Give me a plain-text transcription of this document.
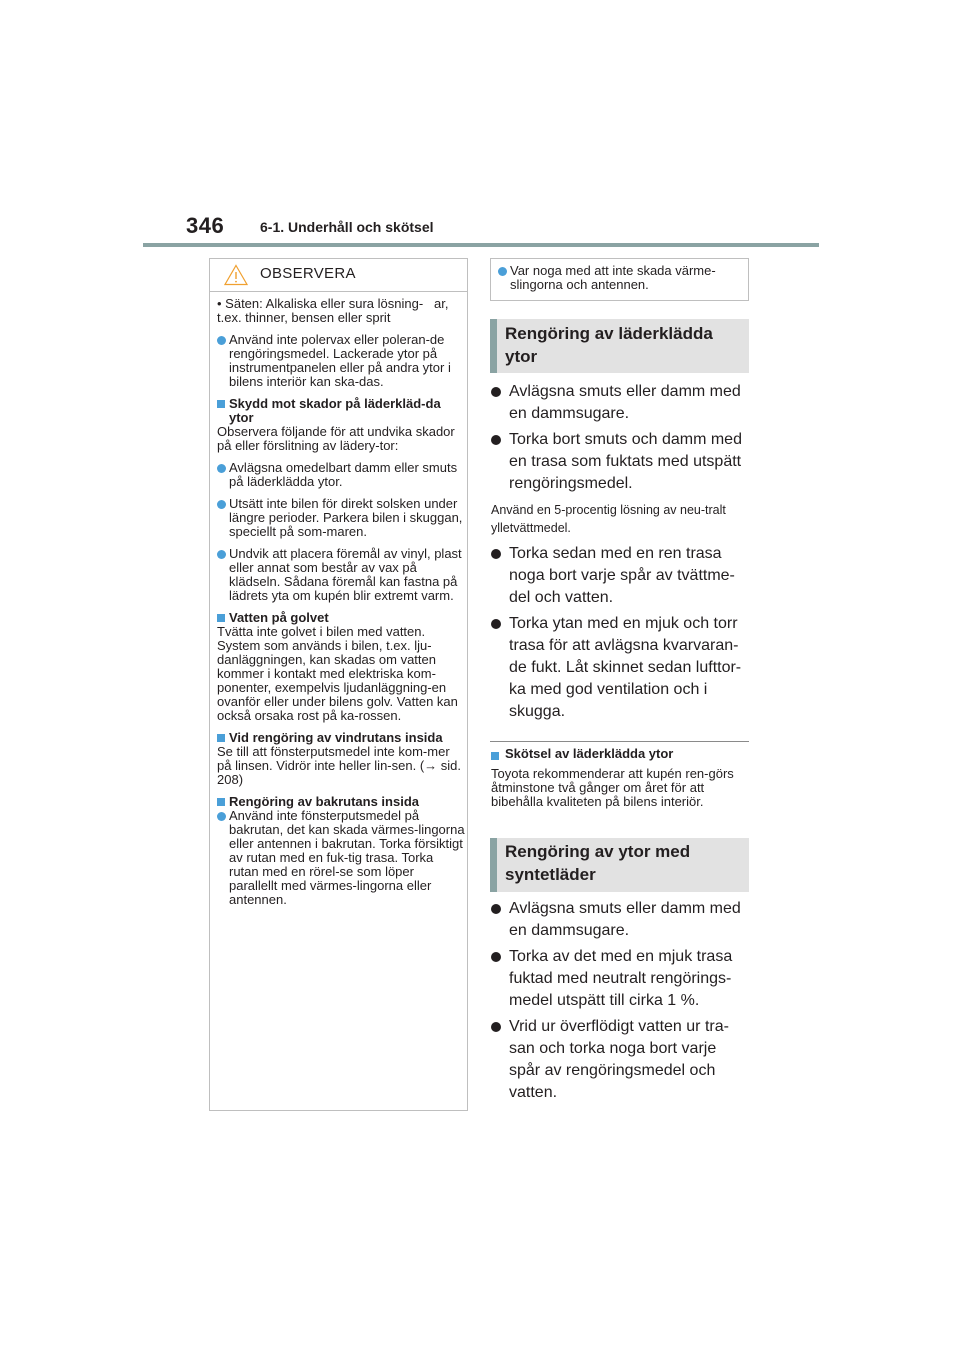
346	6-1. Underhåll och skötsel
OBSERVERA
• Säten: Alkaliska eller sura lösning-   ar, t.ex. thinner, bensen eller sprit
Använd inte polervax eller poleran-de rengöringsmedel. Lackerade ytor på instrumentpanelen eller på andra ytor i bilens interiör kan ska-das.
Skydd mot skador på läderkläd-da ytor
Observera följande för att undvika skador på eller förslitning av lädery-tor:
Avlägsna omedelbart damm eller smuts på läderklädda ytor.
Utsätt inte bilen för direkt solsken under längre perioder. Parkera bilen i skuggan, speciellt på som-maren.
Undvik att placera föremål av vinyl, plast eller annat som består av vax på klädseln. Sådana föremål kan fastna på lädrets yta om kupén blir extremt varm.
Vatten på golvet
Tvätta inte golvet i bilen med vatten. System som används i bilen, t.ex. lju-danläggningen, kan skadas om vatten kommer i kontakt med elektriska kom-ponenter, exempelvis ljudanläggning-en ovanför eller under bilens golv. Vatten kan också orsaka rost på ka-rossen.
Vid rengöring av vindrutans insida
Se till att fönsterputsmedel inte kom-mer på linsen. Vidrör inte heller lin-sen. (→ sid. 208)
Rengöring av bakrutans insida
Använd inte fönsterputsmedel på bakrutan, det kan skada värmes-lingorna eller antennen i bakrutan. Torka försiktigt av rutan med en fuk-tig trasa. Torka rutan med en rörel-se som löper parallellt med värmes-lingorna eller antennen.
Var noga med att inte skada värme-slingorna och antennen.
Rengöring av läderklädda ytor
Avlägsna smuts eller damm med en dammsugare.
Torka bort smuts och damm med en trasa som fuktats med utspätt rengöringsmedel.
Använd en 5-procentig lösning av neu-tralt ylletvättmedel.
Torka sedan med en ren trasa noga bort varje spår av tvättme-del och vatten.
Torka ytan med en mjuk och torr trasa för att avlägsna kvarvaran-de fukt. Låt skinnet sedan lufttor-ka med god ventilation och i skugga.
Skötsel av läderklädda ytor
Toyota rekommenderar att kupén ren-görs åtminstone två gånger om året för att bibehålla kvaliteten på bilens interiör.
Rengöring av ytor med syntetläder
Avlägsna smuts eller damm med en dammsugare.
Torka av det med en mjuk trasa fuktad med neutralt rengörings-medel utspätt till cirka 1 %.
Vrid ur överflödigt vatten ur tra-san och torka noga bort varje spår av rengöringsmedel och vatten.
